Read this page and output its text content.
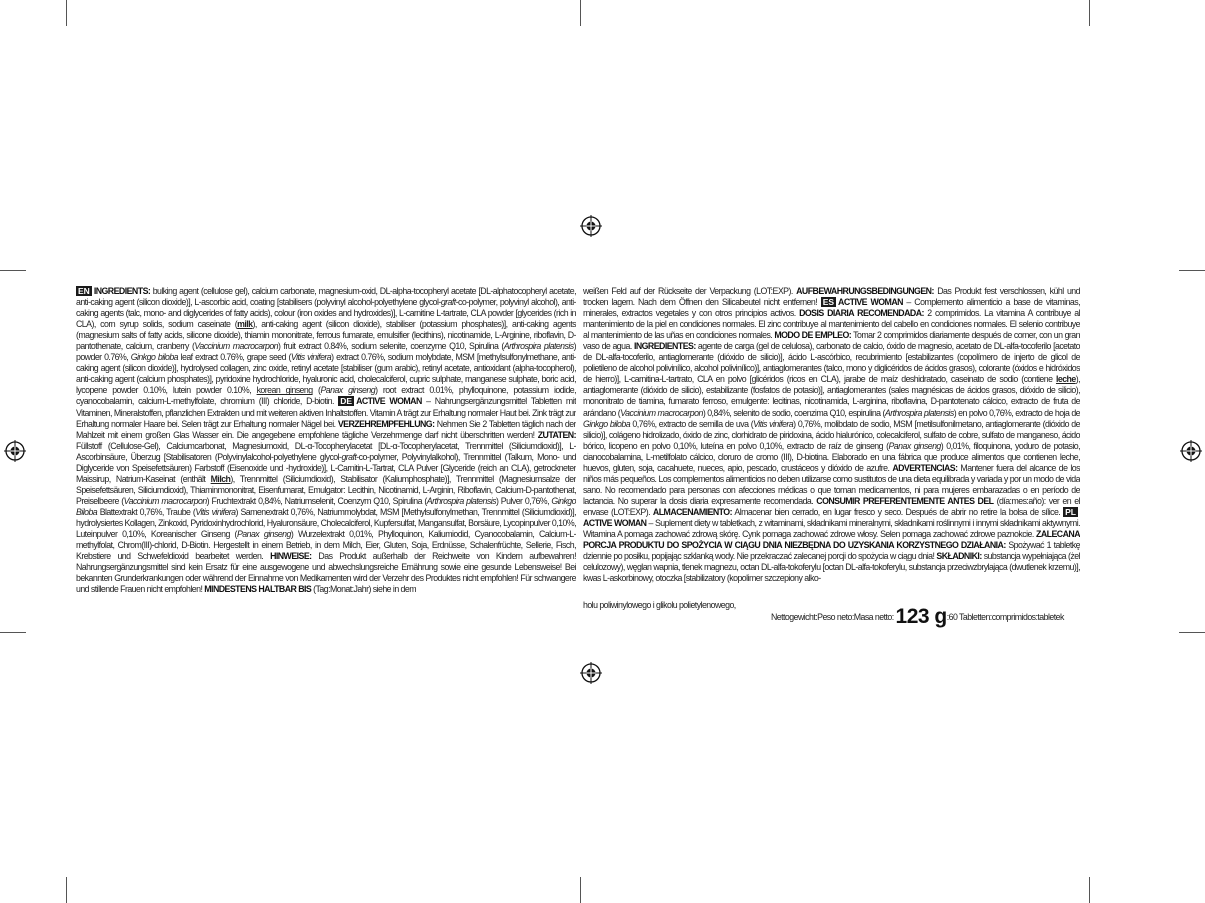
EN INGREDIENTS: bulking agent (cellulose gel), calcium carbonate, magnesium-oxid, DL-alpha-tocopheryl acetate [DL-alphatocopheryl acetate, anti-caking agent (silicon dioxide)], L-ascorbic acid, coating [stabilisers (polyvinyl alcohol-polyethylene glycol-graft-co-polymer, polyvinyl alcohol), anti-caking agents (talc, mono- and diglycerides of fatty acids), colour (iron oxides and hydroxides)], L-carnitine L-tartrate, CLA powder [glycerides (rich in CLA), corn syrup solids, sodium caseinate (milk), anti-caking agent (silicon dioxide), stabiliser (potassium phosphates)], anti-caking agents (magnesium salts of fatty acids, silicone dioxide), thiamin mononitrate, ferrous fumarate, emulsifier (lecithins), nicotinamide, L-Arginine, riboflavin, D-pantothenate, calcium, cranberry (Vaccinium macrocarpon) fruit extract 0.84%, sodium selenite, coenzyme Q10, Spirulina (Arthrospira platensis) powder 0.76%, Ginkgo biloba leaf extract 0.76%, grape seed (Vitis vinifera) extract 0.76%, sodium molybdate, MSM [methylsulfonylmethane, anti-caking agent (silicon dioxide)], hydrolysed collagen, zinc oxide, retinyl acetate [stabiliser (gum arabic), retinyl acetate, antioxidant (alpha-tocopherol), anti-caking agent (calcium phosphates)], pyridoxine hydrochloride, hyaluronic acid, cholecalciferol, cupric sulphate, manganese sulphate, boric acid, lycopene powder 0.10%, lutein powder 0.10%, korean ginseng (Panax ginseng) root extract 0.01%, phylloquinone, potassium iodide, cyanocobalamin, calcium-L-methylfolate, chromium (III) chloride, D-biotin. DE ACTIVE WOMAN – Nahrungsergänzungsmittel Tabletten mit Vitaminen, Mineralstoffen, pflanzlichen Extrakten und mit weiteren aktiven Inhaltstoffen. Vitamin A trägt zur Erhaltung normaler Haut bei. Zink trägt zur Erhaltung normaler Haare bei. Selen trägt zur Erhaltung normaler Nägel bei. VERZEHREMPFEHLUNG: Nehmen Sie 2 Tabletten täglich nach der Mahlzeit mit einem großen Glas Wasser ein. Die angegebene empfohlene tägliche Verzehrmenge darf nicht überschritten werden! ZUTATEN: Füllstoff (Cellulose-Gel), Calciumcarbonat, Magnesiumoxid, DL-α-Tocopherylacetat [DL-α-Tocopherylacetat, Trennmittel (Siliciumdioxid)], L-Ascorbinsäure, Überzug [Stabilisatoren (Polyvinylalcohol-polyethylene glycol-graft-co-polymer, Polyvinylalkohol), Trennmittel (Talkum, Mono- und Diglyceride von Speisefettsäuren) Farbstoff (Eisenoxide und -hydroxide)], L-Carnitin-L-Tartrat, CLA Pulver [Glyceride (reich an CLA), getrockneter Maissirup, Natrium-Kaseinat (enthält Milch), Trennmittel (Siliciumdioxid), Stabilisator (Kaliumphosphate)], Trennmittel (Magnesiumsalze der Speisefettsäuren, Siliciumdioxid), Thiaminmononitrat, Eisenfumarat, Emulgator: Lecithin, Nicotinamid, L-Arginin, Riboflavin, Calcium-D-pantothenat, Preiselbeere (Vaccinium macrocarpon) Fruchtextrakt 0,84%, Natriumselenit, Coenzym Q10, Spirulina (Arthrospira platensis) Pulver 0,76%, Ginkgo Biloba Blattextrakt 0,76%, Traube (Vitis vinifera) Samenextrakt 0,76%, Natriummolybdat, MSM [Methylsulfonylmethan, Trennmittel (Siliciumdioxid)], hydrolysiertes Kollagen, Zinkoxid, Pyridoxinhydrochlorid, Hyaluronsäure, Cholecalciferol, Kupfersulfat, Mangansulfat, Borsäure, Lycopinpulver 0,10%, Luteinpulver 0,10%, Koreanischer Ginseng (Panax ginseng) Wurzelextrakt 0,01%, Phylloquinon, Kaliumiodid, Cyanocobalamin, Calcium-L-methylfolat, Chrom(III)-chlorid, D-Biotin. Hergestellt in einem Betrieb, in dem Milch, Eier, Gluten, Soja, Erdnüsse, Schalenfrüchte, Sellerie, Fisch, Krebstiere und Schwefeldioxid bearbeitet werden. HINWEISE: Das Produkt außerhalb der Reichweite von Kindern aufbewahren! Nahrungsergänzungsmittel sind kein Ersatz für eine ausgewogene und abwechslungsreiche Ernährung sowie eine gesunde Lebensweise! Bei bekannten Grunderkrankungen oder während der Einnahme von Medikamenten wird der Verzehr des Produktes nicht empfohlen! Für schwangere und stillende Frauen nicht empfohlen! MINDESTENS HALTBAR BIS (Tag:Monat:Jahr) siehe in dem
weißen Feld auf der Rückseite der Verpackung (LOT:EXP). AUFBEWAHRUNGSBEDINGUNGEN: Das Produkt fest verschlossen, kühl und trocken lagern. Nach dem Öffnen den Silicabeutel nicht entfernen! ES ACTIVE WOMAN – Complemento alimenticio a base de vitaminas, minerales, extractos vegetales y con otros principios activos. DOSIS DIARIA RECOMENDADA: 2 comprimidos. La vitamina A contribuye al mantenimiento de la piel en condiciones normales. El zinc contribuye al mantenimiento del cabello en condiciones normales. El selenio contribuye al mantenimiento de las uñas en condiciones normales. MODO DE EMPLEO: Tomar 2 comprimidos diariamente después de comer, con un gran vaso de agua. INGREDIENTES: agente de carga (gel de celulosa), carbonato de calcio, óxido de magnesio, acetato de DL-alfa-tocoferilo [acetato de DL-alfa-tocoferilo, antiaglomerante (dióxido de silicio)], ácido L-ascórbico, recubrimiento [estabilizantes (copolímero de injerto de glicol de polietileno de alcohol polivinílico, alcohol polivinílico)], antiaglomerantes (talco, mono y diglicéridos de ácidos grasos), colorante (óxidos e hidróxidos de hierro)], L-carnitina-L-tartrato, CLA en polvo [glicéridos (ricos en CLA), jarabe de maíz deshidratado, caseinato de sodio (contiene leche), antiaglomerante (dióxido de silicio), estabilizante (fosfatos de potasio)], antiaglomerantes (sales magnésicas de ácidos grasos, dióxido de silicio), mononitrato de tiamina, fumarato ferroso, emulgente: lecitinas, nicotinamida, L-arginina, riboflavina, D-pantotenato cálcico, extracto de fruta de arándano (Vaccinium macrocarpon) 0,84%, selenito de sodio, coenzima Q10, espirulina (Arthrospira platensis) en polvo 0,76%, extracto de hoja de Ginkgo biloba 0,76%, extracto de semilla de uva (Vitis vinifera) 0,76%, molibdato de sodio, MSM [metilsulfonilmetano, antiaglomerante (dióxido de silicio)], colágeno hidrolizado, óxido de zinc, clorhidrato de piridoxina, ácido hialurónico, colecalciferol, sulfato de cobre, sulfato de manganeso, ácido bórico, licopeno en polvo 0,10%, luteína en polvo 0,10%, extracto de raíz de ginseng (Panax ginseng) 0,01%, filoquinona, yoduro de potasio, cianocobalamina, L-metilfolato cálcico, cloruro de cromo (III), D-biotina. Elaborado en una fábrica que produce alimentos que contienen leche, huevos, gluten, soja, cacahuete, nueces, apio, pescado, crustáceos y dióxido de azufre. ADVERTENCIAS: Mantener fuera del alcance de los niños más pequeños. Los complementos alimenticios no deben utilizarse como sustitutos de una dieta equilibrada y variada y por un modo de vida sano. No recomendado para personas con afecciones médicas o que toman medicamentos, ni para mujeres embarazadas o en período de lactancia. No superar la dosis diaria expresamente recomendada. CONSUMIR PREFERENTEMENTE ANTES DEL (día:mes:año): ver en el envase (LOT:EXP). ALMACENAMIENTO: Almacenar bien cerrado, en lugar fresco y seco. Después de abrir no retire la bolsa de sílice. PLACTIVE WOMAN – Suplement diety w tabletkach, z witaminami, składnikami mineralnymi, składnikami roślinnymi i innymi składnikami aktywnymi. Witamina A pomaga zachować zdrową skórę. Cynk pomaga zachować zdrowe włosy. Selen pomaga zachować zdrowe paznokcie. ZALECANA PORCJA PRODUKTU DO SPOŻYCIA W CIĄGU DNIA NIEZBĘDNA DO UZYSKANIA KORZYSTNEGO DZIAŁANIA: Spożywać 1 tabletkę dziennie po posiłku, popijając szklanką wody. Nie przekraczać zalecanej porcji do spożycia w ciągu dnia! SKŁADNIKI: substancja wypełniająca (żel celulozowy), węglan wapnia, tlenek magnezu, octan DL-alfa-tokoferylu [octan DL-alfa-tokoferylu, substancja przeciwzbrylająca (dwutlenek krzemu)], kwas L-askorbinowy, otoczka [stabilizatory (kopolimer szczepiony alko-
holu poliwinylowego i glikolu polietylenowego,
Nettogewicht:Peso neto:Masa netto: 123 g:60 Tabletten:comprimidos:tabletek
